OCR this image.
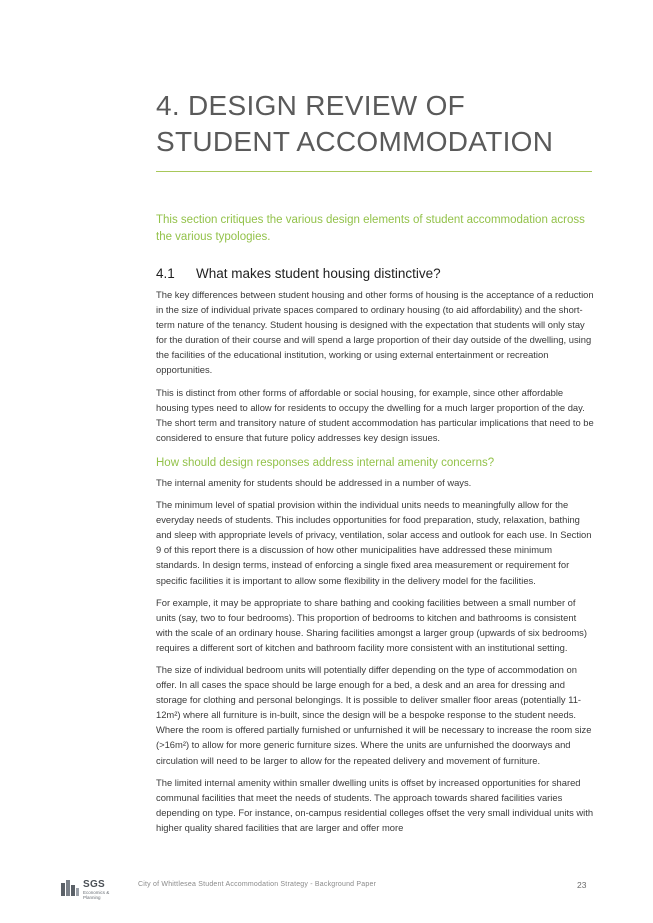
4. DESIGN REVIEW OF STUDENT ACCOMMODATION

This section critiques the various design elements of student accommodation across the various typologies.

4.1 What makes student housing distinctive?

The key differences between student housing and other forms of housing is the acceptance of a reduction in the size of individual private spaces compared to ordinary housing (to aid affordability) and the short-term nature of the tenancy. Student housing is designed with the expectation that students will only stay for the duration of their course and will spend a large proportion of their day outside of the dwelling, using the facilities of the educational institution, working or using external entertainment or recreation opportunities.

This is distinct from other forms of affordable or social housing, for example, since other affordable housing types need to allow for residents to occupy the dwelling for a much larger proportion of the day. The short term and transitory nature of student accommodation has particular implications that need to be considered to ensure that future policy addresses key design issues.

How should design responses address internal amenity concerns?

The internal amenity for students should be addressed in a number of ways.

The minimum level of spatial provision within the individual units needs to meaningfully allow for the everyday needs of students. This includes opportunities for food preparation, study, relaxation, bathing and sleep with appropriate levels of privacy, ventilation, solar access and outlook for each use. In Section 9 of this report there is a discussion of how other municipalities have addressed these minimum standards. In design terms, instead of enforcing a single fixed area measurement or requirement for specific facilities it is important to allow some flexibility in the delivery model for the facilities.

For example, it may be appropriate to share bathing and cooking facilities between a small number of units (say, two to four bedrooms). This proportion of bedrooms to kitchen and bathrooms is consistent with the scale of an ordinary house. Sharing facilities amongst a larger group (upwards of six bedrooms) requires a different sort of kitchen and bathroom facility more consistent with an institutional setting.

The size of individual bedroom units will potentially differ depending on the type of accommodation on offer. In all cases the space should be large enough for a bed, a desk and an area for dressing and storage for clothing and personal belongings. It is possible to deliver smaller floor areas (potentially 11-12m²) where all furniture is in-built, since the design will be a bespoke response to the student needs. Where the room is offered partially furnished or unfurnished it will be necessary to increase the room size (>16m²) to allow for more generic furniture sizes. Where the units are unfurnished the doorways and circulation will need to be larger to allow for the repeated delivery and movement of furniture.

The limited internal amenity within smaller dwelling units is offset by increased opportunities for shared communal facilities that meet the needs of students. The approach towards shared facilities varies depending on type. For instance, on-campus residential colleges offset the very small individual units with higher quality shared facilities that are larger and offer more

SGS
Economics & Planning
City of Whittlesea Student Accommodation Strategy - Background Paper	23
